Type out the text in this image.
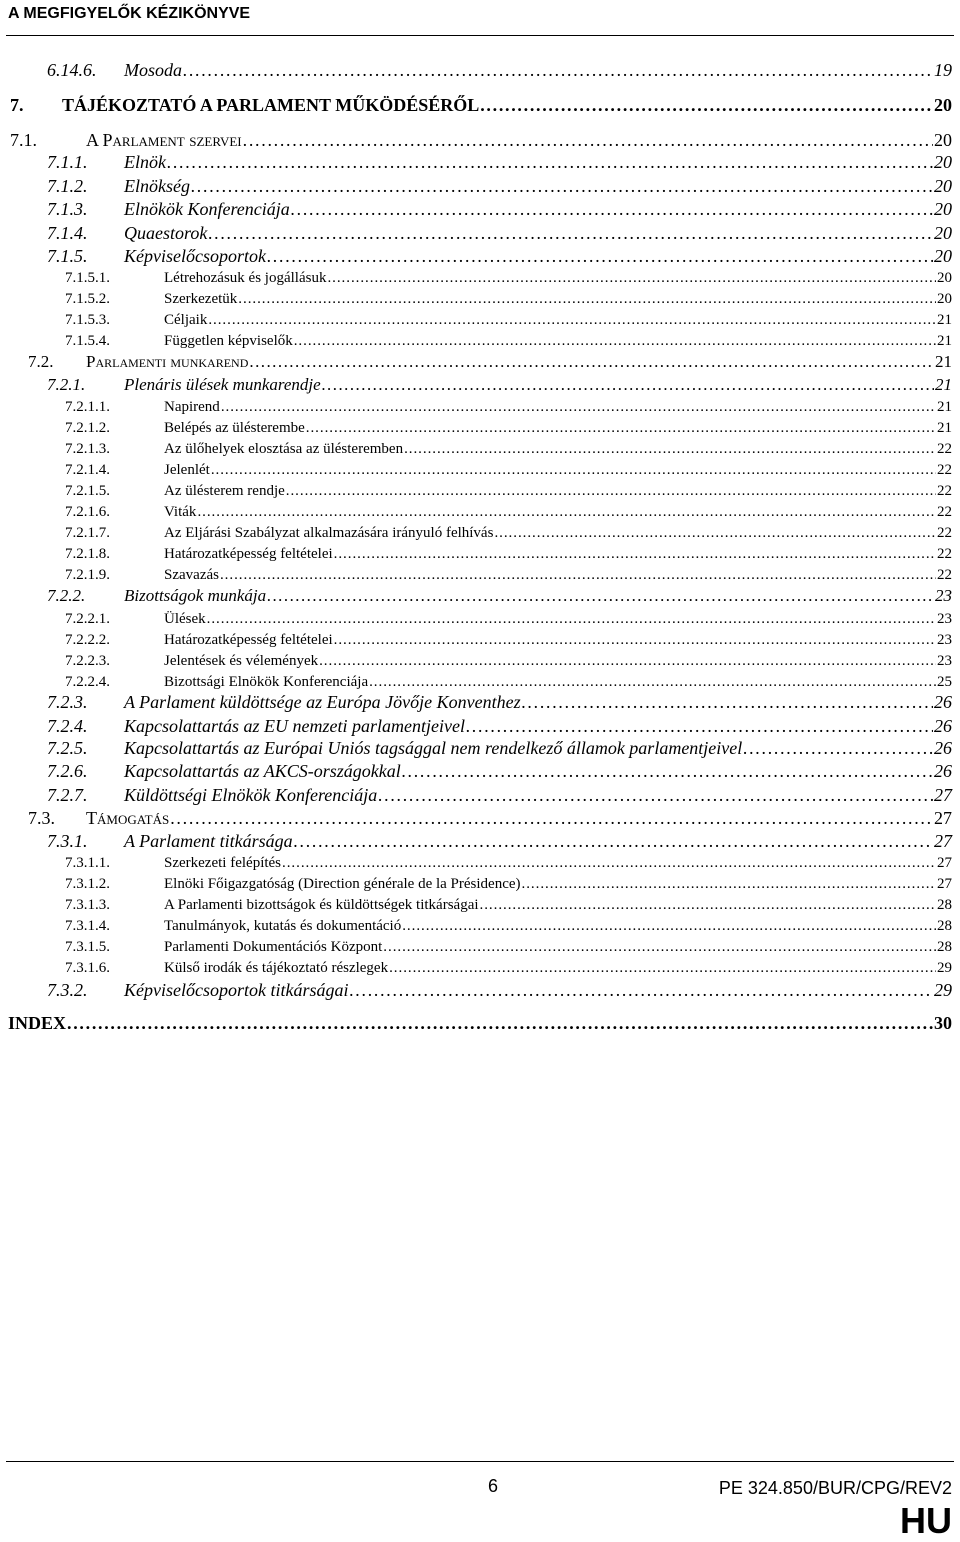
A MEGFIGYELŐK KÉZIKÖNYVE
6.14.6.	Mosoda . . .	19
7.	TÁJÉKOZTATÓ A PARLAMENT MŰKÖDÉSÉRŐL . . .	20
7.1.	A Parlament szervei . . .	20
7.1.1.	Elnök . . .	20
7.1.2.	Elnökség . . .	20
7.1.3.	Elnökök Konferenciája . . .	20
7.1.4.	Quaestorok . . .	20
7.1.5.	Képviselőcsoportok . . .	20
7.1.5.1.	Létrehozásuk és jogállásuk . . .	20
7.1.5.2.	Szerkezetük . . .	20
7.1.5.3.	Céljaik . . .	21
7.1.5.4.	Független képviselők . . .	21
7.2.	Parlamenti munkarend . . .	21
7.2.1.	Plenáris ülések munkarendje . . .	21
7.2.1.1.	Napirend . . .	21
7.2.1.2.	Belépés az ülésterembe . . .	21
7.2.1.3.	Az ülőhelyek elosztása az ülésteremben . . .	22
7.2.1.4.	Jelenlét . . .	22
7.2.1.5.	Az ülésterem rendje . . .	22
7.2.1.6.	Viták . . .	22
7.2.1.7.	Az Eljárási Szabályzat alkalmazására irányuló felhívás . . .	22
7.2.1.8.	Határozatképesség feltételei . . .	22
7.2.1.9.	Szavazás . . .	22
7.2.2.	Bizottságok munkája . . .	23
7.2.2.1.	Ülések . . .	23
7.2.2.2.	Határozatképesség feltételei . . .	23
7.2.2.3.	Jelentések és vélemények . . .	23
7.2.2.4.	Bizottsági Elnökök Konferenciája . . .	25
7.2.3.	A Parlament küldöttsége az Európa Jövője Konventhez . . .	26
7.2.4.	Kapcsolattartás az EU nemzeti parlamentjeivel . . .	26
7.2.5.	Kapcsolattartás az Európai Uniós tagsággal nem rendelkező államok parlamentjeivel . . .	26
7.2.6.	Kapcsolattartás az AKCS-országokkal . . .	26
7.2.7.	Küldöttségi Elnökök Konferenciája . . .	27
7.3.	Támogatás . . .	27
7.3.1.	A Parlament titkársága . . .	27
7.3.1.1.	Szerkezeti felépítés . . .	27
7.3.1.2.	Elnöki Főigazgatóság (Direction générale de la Présidence) . . .	27
7.3.1.3.	A Parlamenti bizottságok és küldöttségek titkárságai . . .	28
7.3.1.4.	Tanulmányok, kutatás és dokumentáció . . .	28
7.3.1.5.	Parlamenti Dokumentációs Központ . . .	28
7.3.1.6.	Külső irodák és tájékoztató részlegek . . .	29
7.3.2.	Képviselőcsoportok titkárságai . . .	29
INDEX . . .	30
6	PE 324.850/BUR/CPG/REV2
HU
